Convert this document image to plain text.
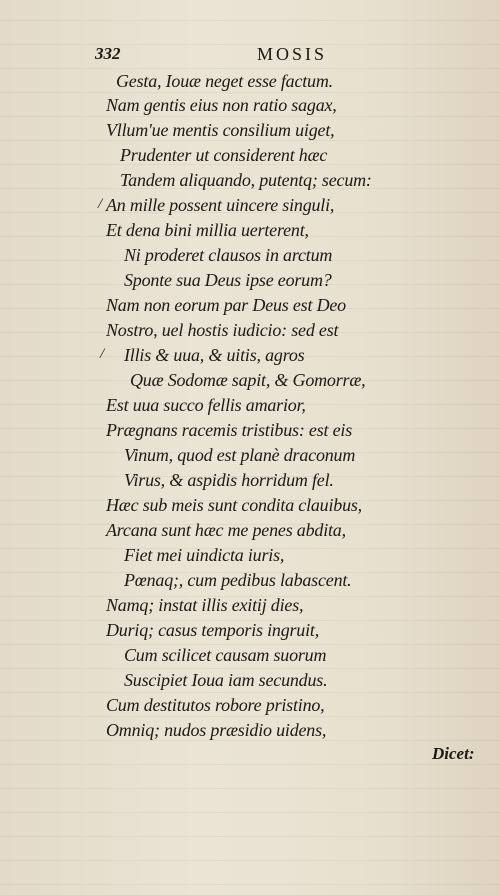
332	MOSIS
Gesta, Iouæ neget esse factum.
Nam gentis eius non ratio sagax,
Vllum'ue mentis consilium uiget,
Prudenter ut considerent hæc
Tandem aliquando, putentq; secum:
An mille possent uincere singuli,
Et dena bini millia uerterent,
Ni proderet clausos in arctum
Sponte sua Deus ipse eorum?
Nam non eorum par Deus est Deo
Nostro, uel hostis iudicio: sed est
Illis & uua, & uitis, agros
Quæ Sodomæ sapit, & Gomorræ,
Est uua succo fellis amarior,
Prægnans racemis tristibus: est eis
Vinum, quod est planè draconum
Virus, & aspidis horridum fel.
Hæc sub meis sunt condita clauibus,
Arcana sunt hæc me penes abdita,
Fiet mei uindicta iuris,
Pœnaq;, cum pedibus labascent.
Namq; instat illis exitij dies,
Duriq; casus temporis ingruit,
Cum scilicet causam suorum
Suscipiet Ioua iam secundus.
Cum destitutos robore pristino,
Omniq; nudos præsidio uidens,
/
/
Dicet:
